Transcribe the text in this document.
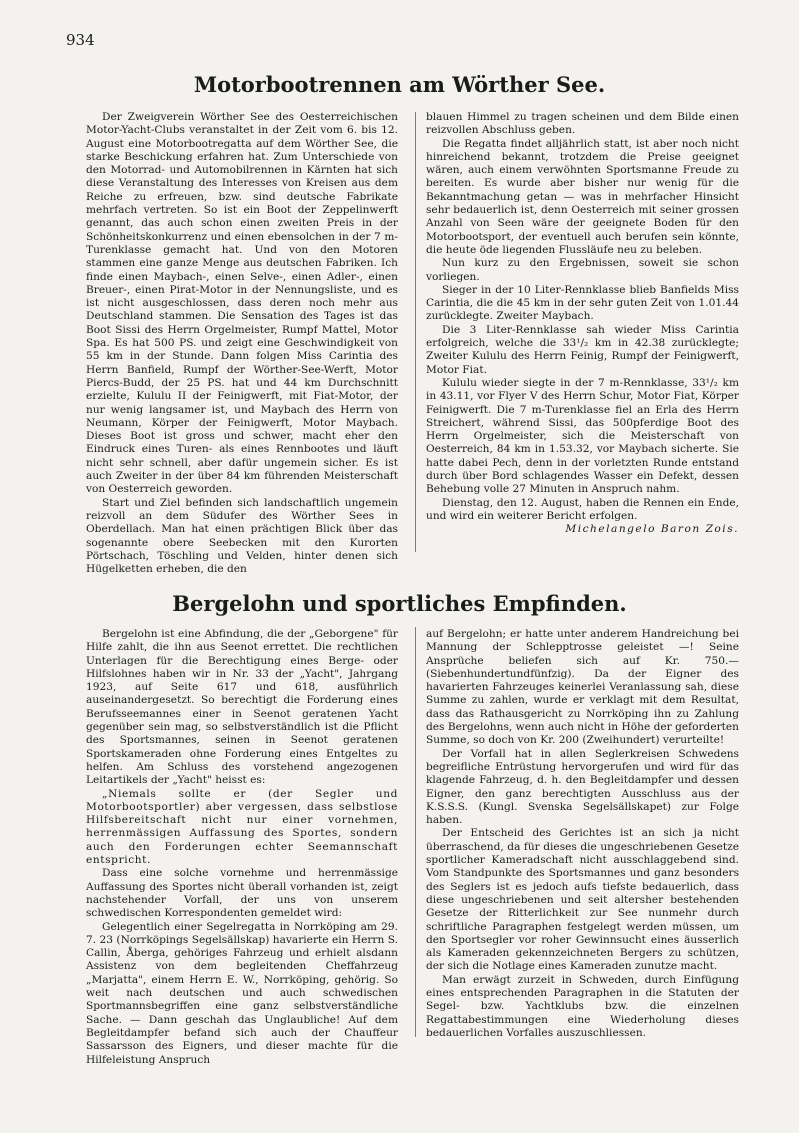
934
Motorbootrennen am Wörther See.

Der Zweigverein Wörther See des Oesterreichischen Motor-Yacht-Clubs veranstaltet in der Zeit vom 6. bis 12. August eine Motorbootregatta auf dem Wörther See, die starke Beschickung erfahren hat. Zum Unterschiede von den Motorrad- und Automobilrennen in Kärnten hat sich diese Veranstaltung des Interesses von Kreisen aus dem Reiche zu erfreuen, bzw. sind deutsche Fabrikate mehrfach vertreten. So ist ein Boot der Zeppelinwerft genannt, das auch schon einen zweiten Preis in der Schönheitskonkurrenz und einen ebensolchen in der 7 m-Turenklasse gemacht hat. Und von den Motoren stammen eine ganze Menge aus deutschen Fabriken. Ich finde einen Maybach-, einen Selve-, einen Adler-, einen Breuer-, einen Pirat-Motor in der Nennungsliste, und es ist nicht ausgeschlossen, dass deren noch mehr aus Deutschland stammen. Die Sensation des Tages ist das Boot Sissi des Herrn Orgelmeister, Rumpf Mattel, Motor Spa. Es hat 500 PS. und zeigt eine Geschwindigkeit von 55 km in der Stunde. Dann folgen Miss Carintia des Herrn Banfield, Rumpf der Wörther-See-Werft, Motor Piercs-Budd, der 25 PS. hat und 44 km Durchschnitt erzielte, Kululu II der Feinigwerft, mit Fiat-Motor, der nur wenig langsamer ist, und Maybach des Herrn von Neumann, Körper der Feinigwerft, Motor Maybach. Dieses Boot ist gross und schwer, macht eher den Eindruck eines Turen- als eines Rennbootes und läuft nicht sehr schnell, aber dafür ungemein sicher. Es ist auch Zweiter in der über 84 km führenden Meisterschaft von Oesterreich geworden.

Start und Ziel befinden sich landschaftlich ungemein reizvoll an dem Südufer des Wörther Sees in Oberdellach. Man hat einen prächtigen Blick über das sogenannte obere Seebecken mit den Kurorten Pörtschach, Töschling und Velden, hinter denen sich Hügelketten erheben, die den

blauen Himmel zu tragen scheinen und dem Bilde einen reizvollen Abschluss geben.

Die Regatta findet alljährlich statt, ist aber noch nicht hinreichend bekannt, trotzdem die Preise geeignet wären, auch einem verwöhnten Sportsmanne Freude zu bereiten. Es wurde aber bisher nur wenig für die Bekanntmachung getan — was in mehrfacher Hinsicht sehr bedauerlich ist, denn Oesterreich mit seiner grossen Anzahl von Seen wäre der geeignete Boden für den Motorbootsport, der eventuell auch berufen sein könnte, die heute öde liegenden Flussläufe neu zu beleben.

Nun kurz zu den Ergebnissen, soweit sie schon vorliegen.

Sieger in der 10 Liter-Rennklasse blieb Banfields Miss Carintia, die die 45 km in der sehr guten Zeit von 1.01.44 zurücklegte. Zweiter Maybach.

Die 3 Liter-Rennklasse sah wieder Miss Carintia erfolgreich, welche die 33¹/₂ km in 42.38 zurücklegte; Zweiter Kululu des Herrn Feinig, Rumpf der Feinigwerft, Motor Fiat.

Kululu wieder siegte in der 7 m-Rennklasse, 33¹/₂ km in 43.11, vor Flyer V des Herrn Schur, Motor Fiat, Körper Feinigwerft. Die 7 m-Turenklasse fiel an Erla des Herrn Streichert, während Sissi, das 500pferdige Boot des Herrn Orgelmeister, sich die Meisterschaft von Oesterreich, 84 km in 1.53.32, vor Maybach sicherte. Sie hatte dabei Pech, denn in der vorletzten Runde entstand durch über Bord schlagendes Wasser ein Defekt, dessen Behebung volle 27 Minuten in Anspruch nahm.

Dienstag, den 12. August, haben die Rennen ein Ende, und wird ein weiterer Bericht erfolgen.

Michelangelo Baron Zois.

Bergelohn und sportliches Empfinden.

Bergelohn ist eine Abfindung, die der „Geborgene" für Hilfe zahlt, die ihn aus Seenot errettet. Die rechtlichen Unterlagen für die Berechtigung eines Berge- oder Hilfslohnes haben wir in Nr. 33 der „Yacht", Jahrgang 1923, auf Seite 617 und 618, ausführlich auseinandergesetzt. So berechtigt die Forderung eines Berufsseemannes einer in Seenot geratenen Yacht gegenüber sein mag, so selbstverständlich ist die Pflicht des Sportsmannes, seinen in Seenot geratenen Sportskameraden ohne Forderung eines Entgeltes zu helfen. Am Schluss des vorstehend angezogenen Leitartikels der „Yacht" heisst es:

„Niemals sollte er (der Segler und Motorbootsportler) aber vergessen, dass selbstlose Hilfsbereitschaft nicht nur einer vornehmen, herrenmässigen Auffassung des Sportes, sondern auch den Forderungen echter Seemannschaft entspricht.

Dass eine solche vornehme und herrenmässige Auffassung des Sportes nicht überall vorhanden ist, zeigt nachstehender Vorfall, der uns von unserem schwedischen Korrespondenten gemeldet wird:

Gelegentlich einer Segelregatta in Norrköping am 29. 7. 23 (Norrköpings Segelsällskap) havarierte ein Herrn S. Callin, Åberga, gehöriges Fahrzeug und erhielt alsdann Assistenz von dem begleitenden Cheffahrzeug „Marjatta", einem Herrn E. W., Norrköping, gehörig. So weit nach deutschen und auch schwedischen Sportmannsbegriffen eine ganz selbstverständliche Sache. — Dann geschah das Unglaubliche! Auf dem Begleitdampfer befand sich auch der Chauffeur Sassarsson des Eigners, und dieser machte für die Hilfeleistung Anspruch

auf Bergelohn; er hatte unter anderem Handreichung bei Mannung der Schlepptrosse geleistet —! Seine Ansprüche beliefen sich auf Kr. 750.— (Siebenhundertundfünfzig). Da der Eigner des havarierten Fahrzeuges keinerlei Veranlassung sah, diese Summe zu zahlen, wurde er verklagt mit dem Resultat, dass das Rathausgericht zu Norrköping ihn zu Zahlung des Bergelohns, wenn auch nicht in Höhe der geforderten Summe, so doch von Kr. 200 (Zweihundert) verurteilte!

Der Vorfall hat in allen Seglerkreisen Schwedens begreifliche Entrüstung hervorgerufen und wird für das klagende Fahrzeug, d. h. den Begleitdampfer und dessen Eigner, den ganz berechtigten Ausschluss aus der K.S.S.S. (Kungl. Svenska Segelsällskapet) zur Folge haben.

Der Entscheid des Gerichtes ist an sich ja nicht überraschend, da für dieses die ungeschriebenen Gesetze sportlicher Kameradschaft nicht ausschlaggebend sind. Vom Standpunkte des Sportsmannes und ganz besonders des Seglers ist es jedoch aufs tiefste bedauerlich, dass diese ungeschriebenen und seit altersher bestehenden Gesetze der Ritterlichkeit zur See nunmehr durch schriftliche Paragraphen festgelegt werden müssen, um den Sportsegler vor roher Gewinnsucht eines äusserlich als Kameraden gekennzeichneten Bergers zu schützen, der sich die Notlage eines Kameraden zunutze macht.

Man erwägt zurzeit in Schweden, durch Einfügung eines entsprechenden Paragraphen in die Statuten der Segel- bzw. Yachtklubs bzw. die einzelnen Regattabestimmungen eine Wiederholung dieses bedauerlichen Vorfalles auszuschliessen.
